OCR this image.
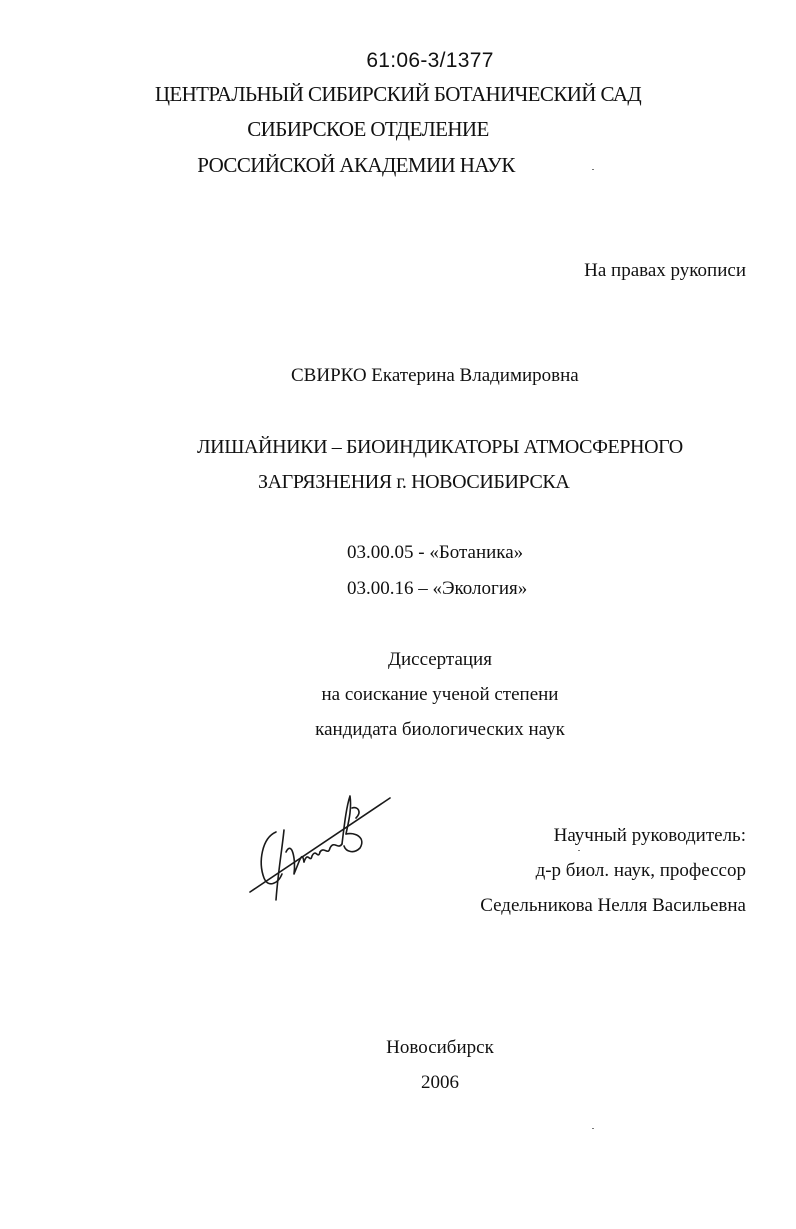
61:06-3/1377
ЦЕНТРАЛЬНЫЙ СИБИРСКИЙ БОТАНИЧЕСКИЙ САД
СИБИРСКОЕ ОТДЕЛЕНИЕ
РОССИЙСКОЙ АКАДЕМИИ НАУК
На правах рукописи
СВИРКО Екатерина Владимировна
ЛИШАЙНИКИ – БИОИНДИКАТОРЫ АТМОСФЕРНОГО
ЗАГРЯЗНЕНИЯ г. НОВОСИБИРСКА
03.00.05 - «Ботаника»
03.00.16 – «Экология»
Диссертация
на соискание ученой степени
кандидата биологических наук
Научный руководитель:
д-р биол. наук, профессор
Седельникова Нелля Васильевна
Новосибирск
2006
